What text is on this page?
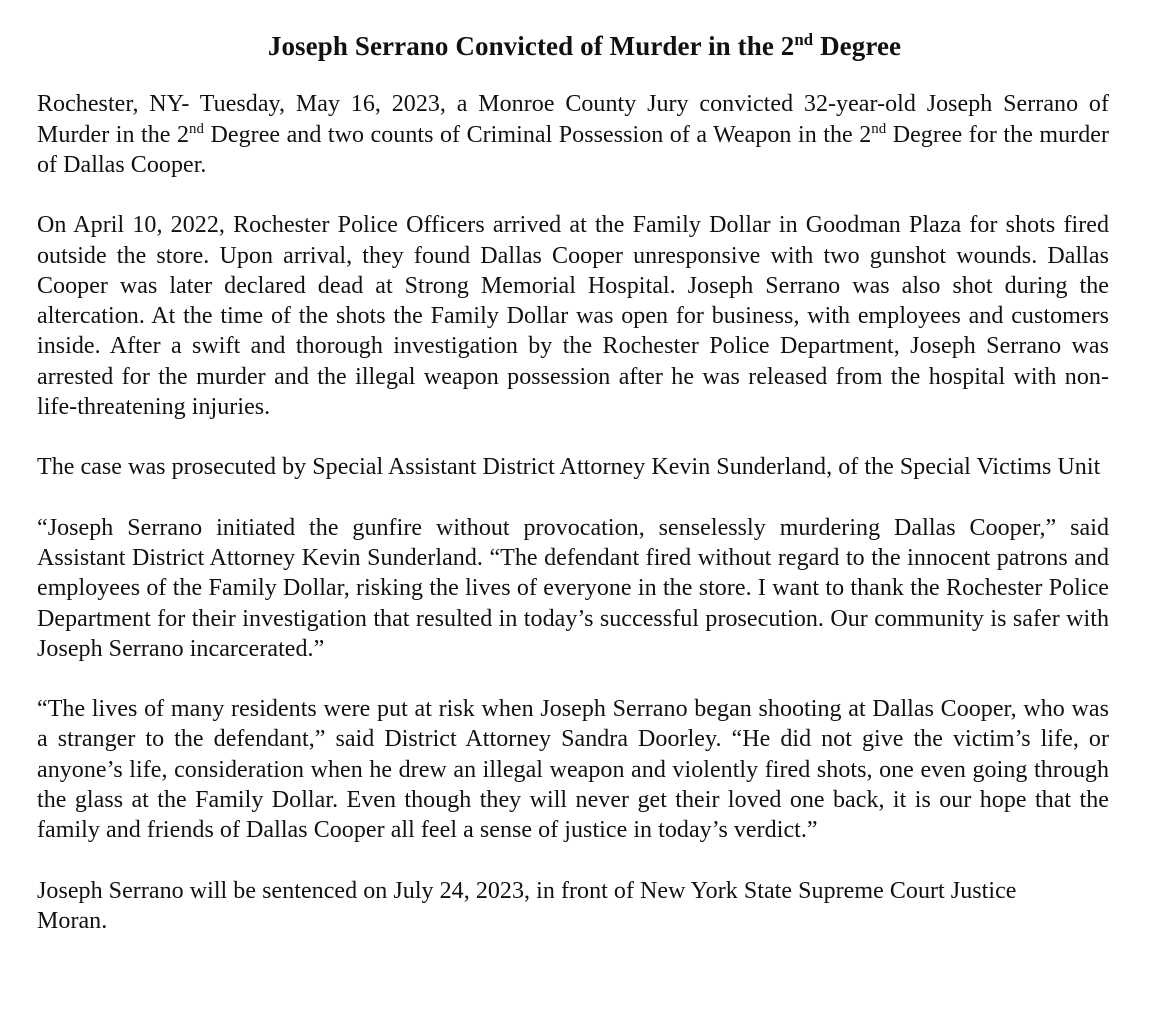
Joseph Serrano Convicted of Murder in the 2nd Degree

Rochester, NY- Tuesday, May 16, 2023, a Monroe County Jury convicted 32-year-old Joseph Serrano of Murder in the 2nd Degree and two counts of Criminal Possession of a Weapon in the 2nd Degree for the murder of Dallas Cooper.

On April 10, 2022, Rochester Police Officers arrived at the Family Dollar in Goodman Plaza for shots fired outside the store. Upon arrival, they found Dallas Cooper unresponsive with two gunshot wounds. Dallas Cooper was later declared dead at Strong Memorial Hospital. Joseph Serrano was also shot during the altercation. At the time of the shots the Family Dollar was open for business, with employees and customers inside. After a swift and thorough investigation by the Rochester Police Department, Joseph Serrano was arrested for the murder and the illegal weapon possession after he was released from the hospital with non-life-threatening injuries.

The case was prosecuted by Special Assistant District Attorney Kevin Sunderland, of the Special Victims Unit

“Joseph Serrano initiated the gunfire without provocation, senselessly murdering Dallas Cooper,” said Assistant District Attorney Kevin Sunderland. “The defendant fired without regard to the innocent patrons and employees of the Family Dollar, risking the lives of everyone in the store. I want to thank the Rochester Police Department for their investigation that resulted in today’s successful prosecution. Our community is safer with Joseph Serrano incarcerated.”

“The lives of many residents were put at risk when Joseph Serrano began shooting at Dallas Cooper, who was a stranger to the defendant,” said District Attorney Sandra Doorley. “He did not give the victim’s life, or anyone’s life, consideration when he drew an illegal weapon and violently fired shots, one even going through the glass at the Family Dollar. Even though they will never get their loved one back, it is our hope that the family and friends of Dallas Cooper all feel a sense of justice in today’s verdict.”

Joseph Serrano will be sentenced on July 24, 2023, in front of New York State Supreme Court Justice Moran.
